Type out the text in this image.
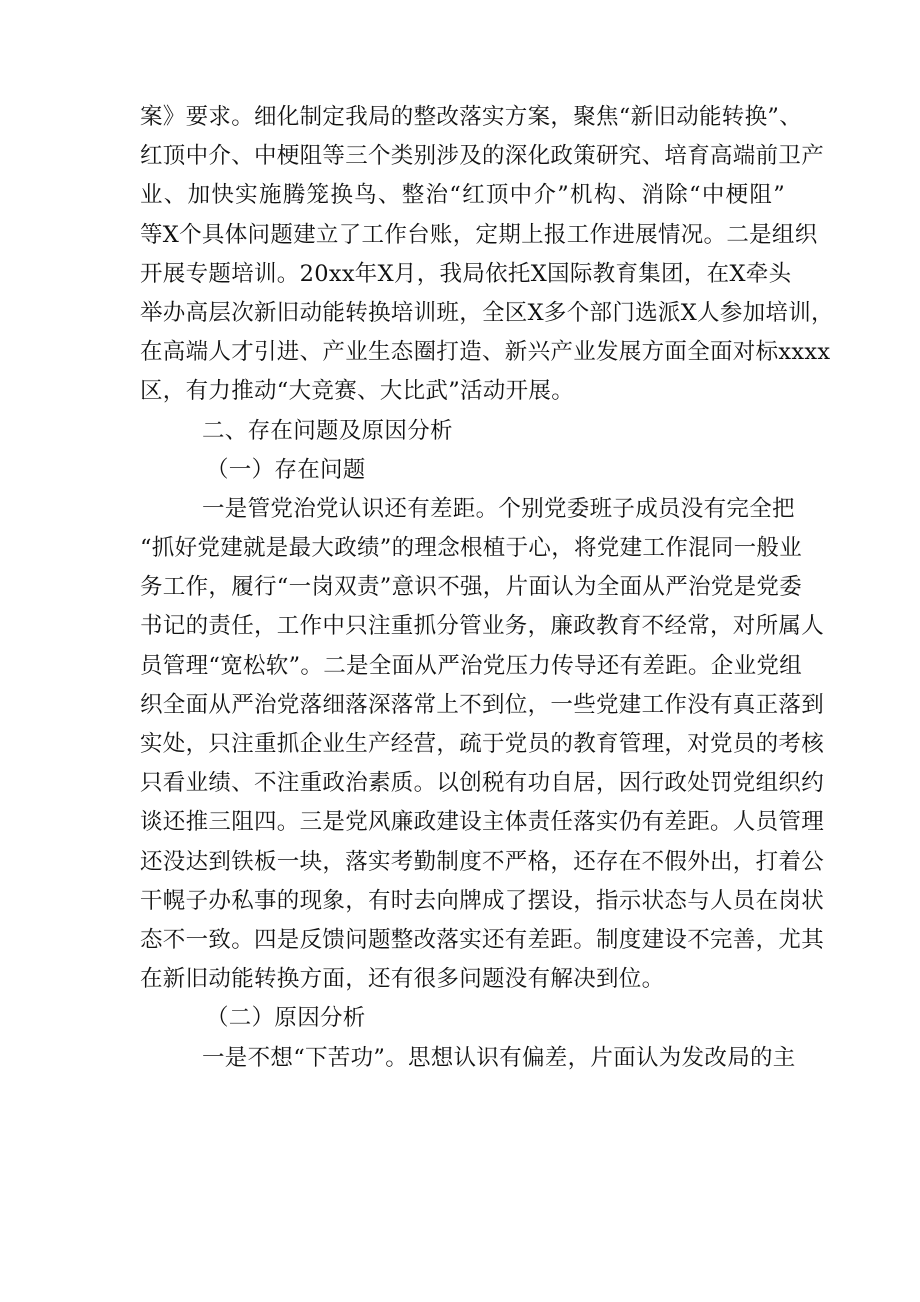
案》要求。细化制定我局的整改落实方案，聚焦“新旧动能转换”、
红顶中介、中梗阻等三个类别涉及的深化政策研究、培育高端前卫产
业、加快实施腾笼换鸟、整治“红顶中介”机构、消除“中梗阻”
等X个具体问题建立了工作台账，定期上报工作进展情况。二是组织
开展专题培训。20xx年X月，我局依托X国际教育集团，在X牵头
举办高层次新旧动能转换培训班，全区X多个部门选派X人参加培训，
在高端人才引进、产业生态圈打造、新兴产业发展方面全面对标xxxx
区，有力推动“大竞赛、大比武”活动开展。
二、存在问题及原因分析
（一）存在问题
一是管党治党认识还有差距。个别党委班子成员没有完全把
“抓好党建就是最大政绩”的理念根植于心，将党建工作混同一般业
务工作，履行“一岗双责”意识不强，片面认为全面从严治党是党委
书记的责任，工作中只注重抓分管业务，廉政教育不经常，对所属人
员管理“宽松软”。二是全面从严治党压力传导还有差距。企业党组
织全面从严治党落细落深落常上不到位，一些党建工作没有真正落到
实处，只注重抓企业生产经营，疏于党员的教育管理，对党员的考核
只看业绩、不注重政治素质。以创税有功自居，因行政处罚党组织约
谈还推三阻四。三是党风廉政建设主体责任落实仍有差距。人员管理
还没达到铁板一块，落实考勤制度不严格，还存在不假外出，打着公
干幌子办私事的现象，有时去向牌成了摆设，指示状态与人员在岗状
态不一致。四是反馈问题整改落实还有差距。制度建设不完善，尤其
在新旧动能转换方面，还有很多问题没有解决到位。
（二）原因分析
一是不想“下苦功”。思想认识有偏差，片面认为发改局的主
